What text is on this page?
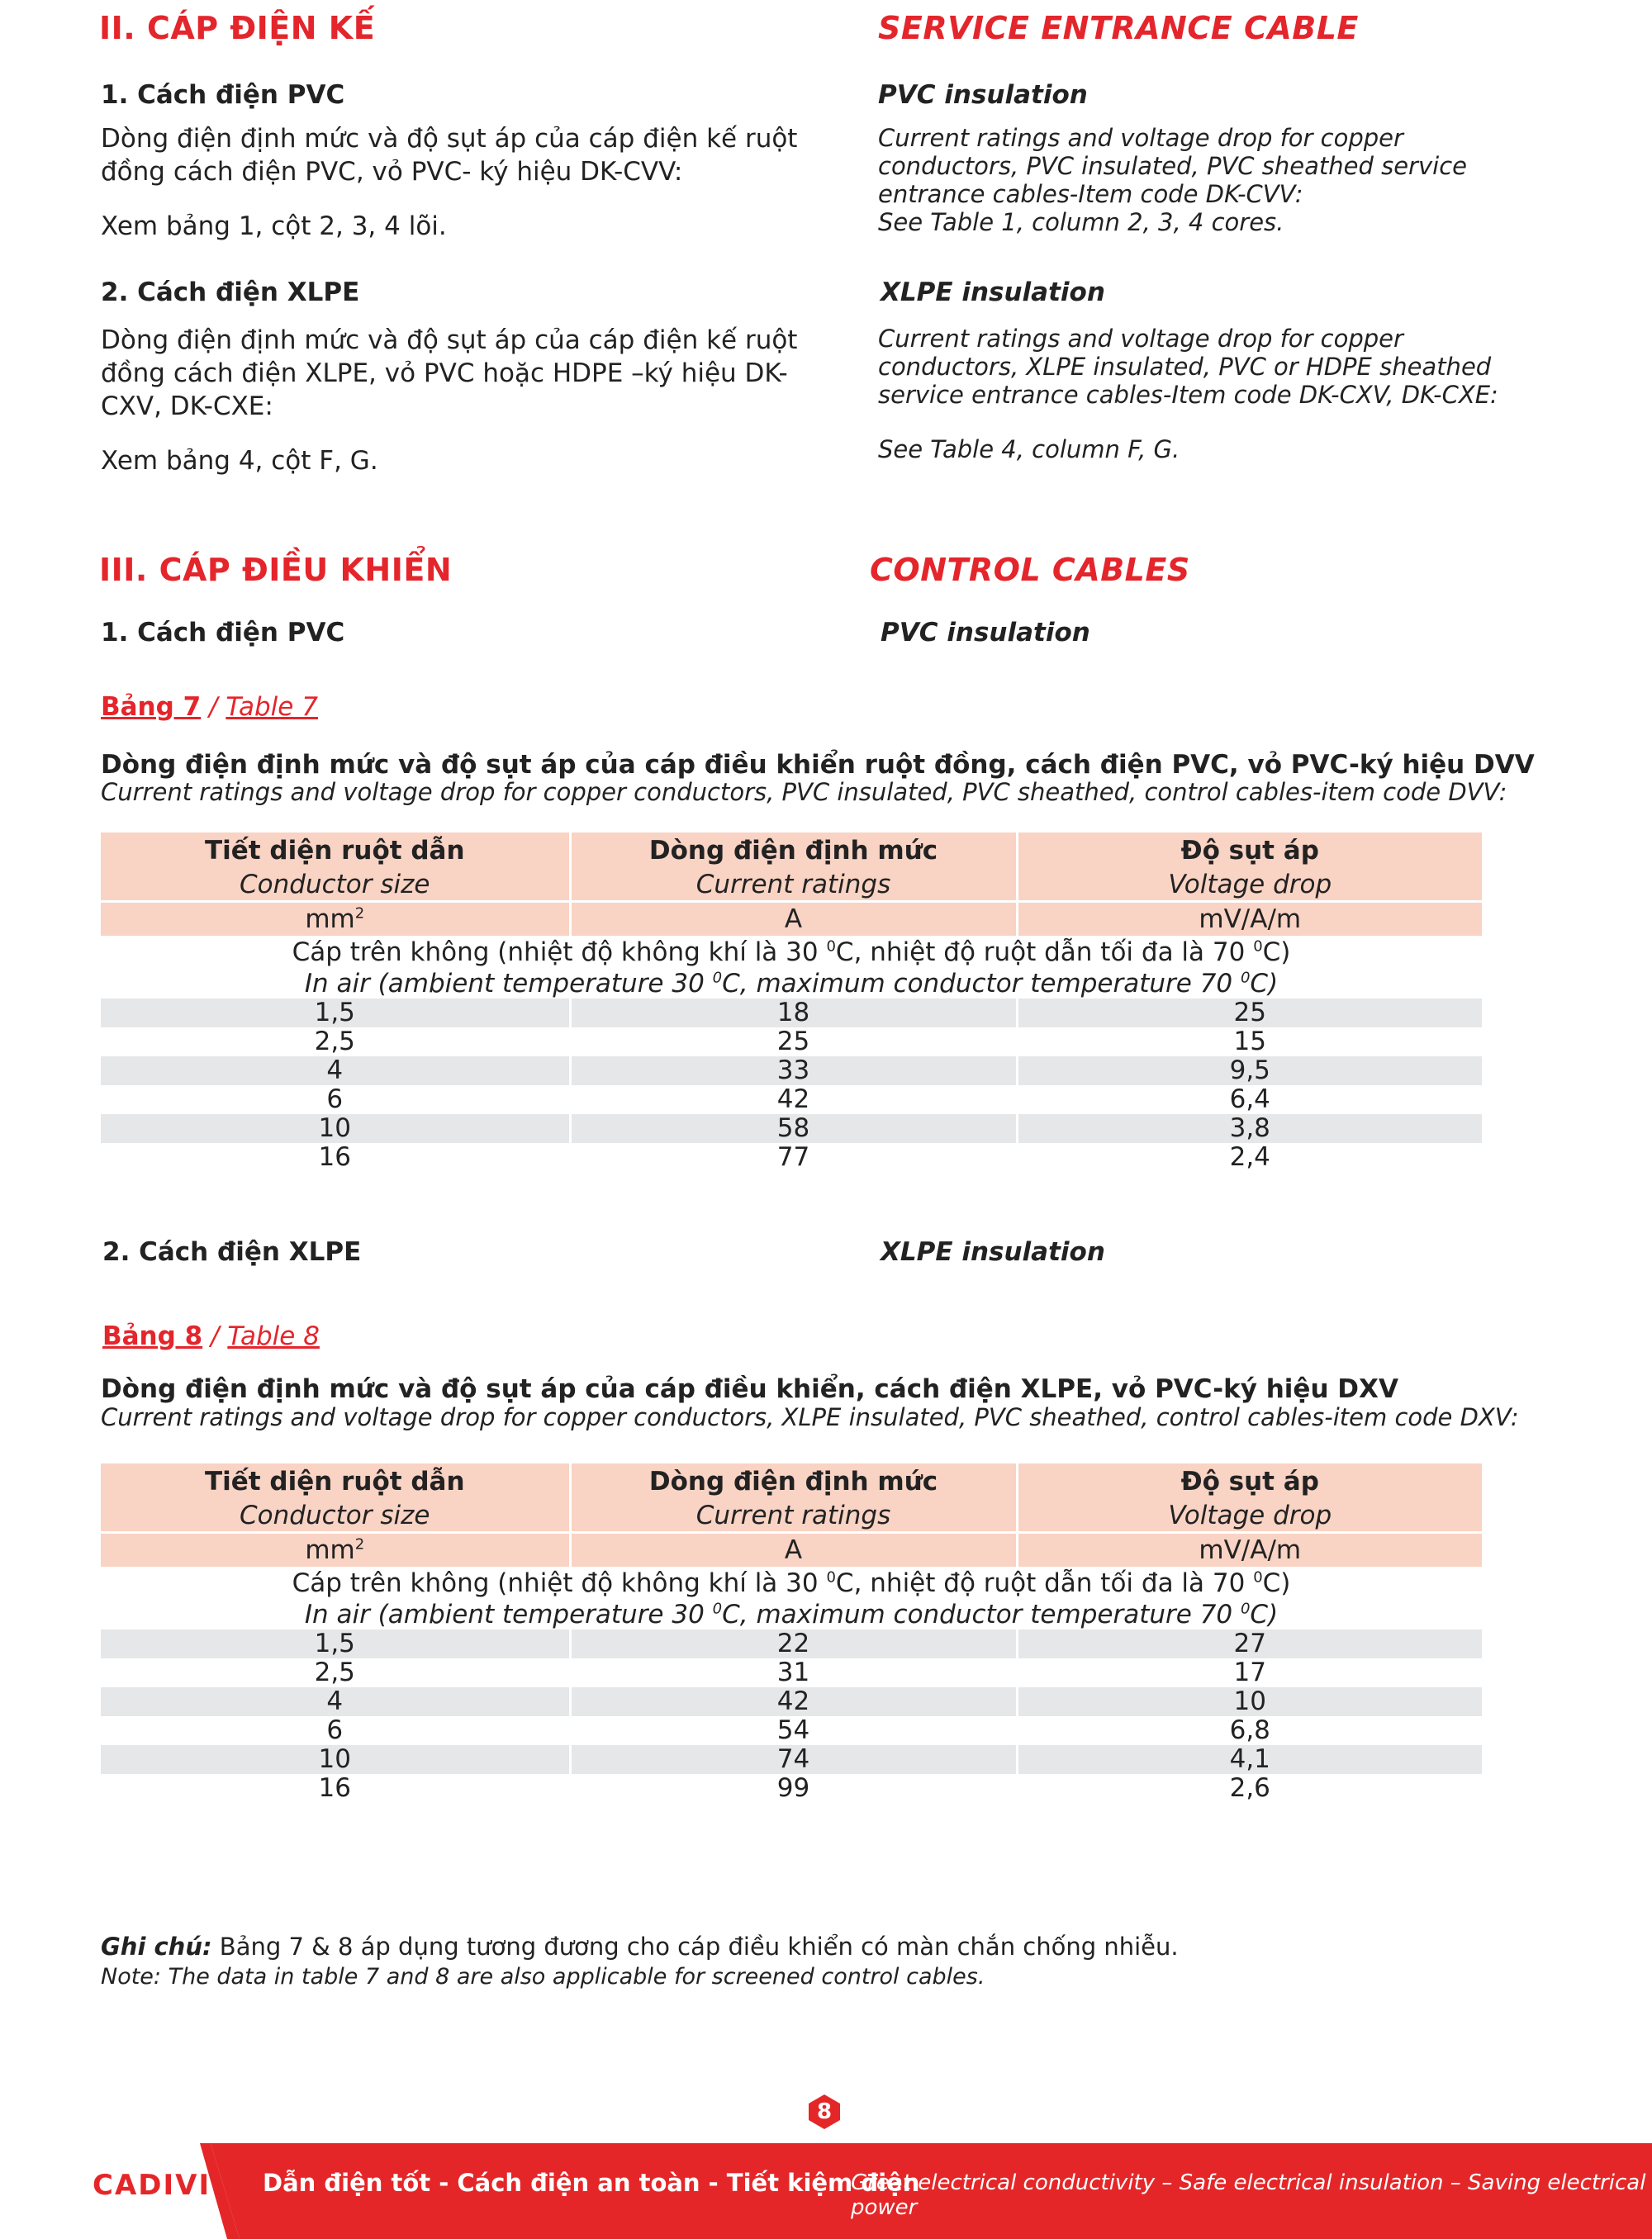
II. CÁP ĐIỆN KẾ	SERVICE ENTRANCE CABLE
1. Cách điện PVC	PVC insulation
Dòng điện định mức và độ sụt áp của cáp điện kế ruột
đồng cách điện PVC, vỏ PVC- ký hiệu DK-CVV:
Xem bảng 1, cột 2, 3, 4 lõi.
Current ratings and voltage drop for copper
conductors, PVC insulated, PVC sheathed service
entrance cables-Item code DK-CVV:
See Table 1, column 2, 3, 4 cores.
2. Cách điện XLPE	XLPE insulation
Dòng điện định mức và độ sụt áp của cáp điện kế ruột
đồng cách điện XLPE, vỏ PVC hoặc HDPE –ký hiệu DK-
CXV, DK-CXE:
Xem bảng 4, cột F, G.
Current ratings and voltage drop for copper
conductors, XLPE insulated, PVC or HDPE sheathed
service entrance cables-Item code DK-CXV, DK-CXE:
See Table 4, column F, G.
III. CÁP ĐIỀU KHIỂN	CONTROL CABLES
1. Cách điện PVC	PVC insulation
Bảng 7 / Table 7
Dòng điện định mức và độ sụt áp của cáp điều khiển ruột đồng, cách điện PVC, vỏ PVC-ký hiệu DVV
Current ratings and voltage drop for copper conductors, PVC insulated, PVC sheathed, control cables-item code DVV:
Tiết diện ruột dẫn	Dòng điện định mức	Độ sụt áp
Conductor size	Current ratings	Voltage drop
$mm^2$	A	mV/A/m
Cáp trên không (nhiệt độ không khí là 30 $^0$C, nhiệt độ ruột dẫn tối đa là 70 $^0$C)		
In air (ambient temperature 30 $^0$C, maximum conductor temperature 70 $^0$C)		
1,5	18	25
2,5	25	15
4	33	9,5
6	42	6,4
10	58	3,8
16	77	2,4
2. Cách điện XLPE	XLPE insulation
Bảng 8 / Table 8
Dòng điện định mức và độ sụt áp của cáp điều khiển, cách điện XLPE, vỏ PVC-ký hiệu DXV
Current ratings and voltage drop for copper conductors, XLPE insulated, PVC sheathed, control cables-item code DXV:
Tiết diện ruột dẫn	Dòng điện định mức	Độ sụt áp
Conductor size	Current ratings	Voltage drop
$mm^2$	A	mV/A/m
Cáp trên không (nhiệt độ không khí là 30 $^0$C, nhiệt độ ruột dẫn tối đa là 70 $^0$C)		
In air (ambient temperature 30 $^0$C, maximum conductor temperature 70 $^0$C)		
1,5	22	27
2,5	31	17
4	42	10
6	54	6,8
10	74	4,1
16	99	2,6
Ghi chú: Bảng 7 & 8 áp dụng tương đương cho cáp điều khiển có màn chắn chống nhiễu.
Note: The data in table 7 and 8 are also applicable for screened control cables.
8
CADIVI Dẫn điện tốt - Cách điện an toàn - Tiết kiệm điện
Great electrical conductivity – Safe electrical insulation – Saving electrical power
